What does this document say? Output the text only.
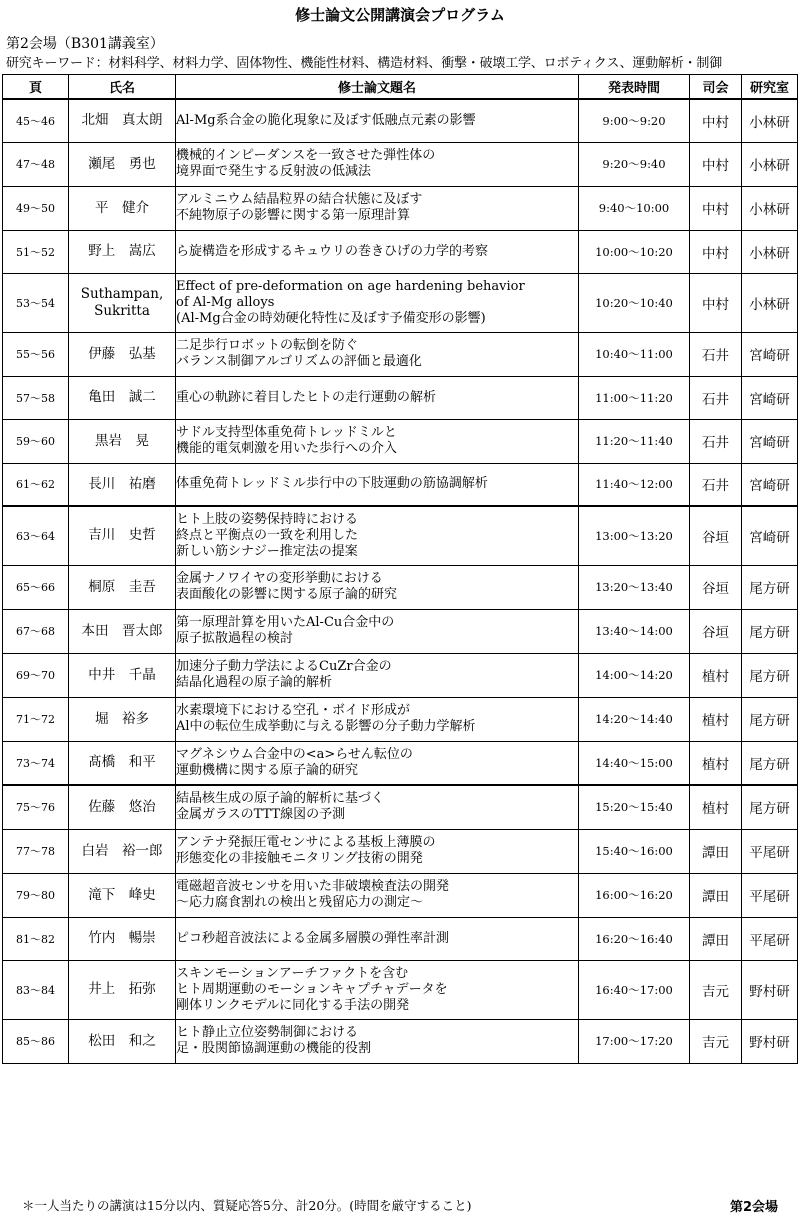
修士論文公開講演会プログラム
第2会場（B301講義室）
研究キーワード：材料科学、材料力学、固体物性、機能性材料、構造材料、衝撃・破壊工学、ロボティクス、運動解析・制御
頁	氏名	修士論文題名	発表時間	司会	研究室
45～46	北畑　真太朗	Al-Mg系合金の脆化現象に及ぼす低融点元素の影響	9:00～9:20	中村	小林研
47～48	瀬尾　勇也	機械的インピーダンスを一致させた弾性体の
境界面で発生する反射波の低減法	9:20～9:40	中村	小林研
49～50	平　健介	アルミニウム結晶粒界の結合状態に及ぼす
不純物原子の影響に関する第一原理計算	9:40～10:00	中村	小林研
51～52	野上　嵩広	ら旋構造を形成するキュウリの巻きひげの力学的考察	10:00～10:20	中村	小林研
53～54	Suthampan,
Sukritta	Effect of pre-deformation on age hardening behavior
of Al-Mg alloys
(Al-Mg合金の時効硬化特性に及ぼす予備変形の影響)	10:20～10:40	中村	小林研
55～56	伊藤　弘基	二足歩行ロボットの転倒を防ぐ
バランス制御アルゴリズムの評価と最適化	10:40～11:00	石井	宮崎研
57～58	亀田　誠二	重心の軌跡に着目したヒトの走行運動の解析	11:00～11:20	石井	宮崎研
59～60	黒岩　晃	サドル支持型体重免荷トレッドミルと
機能的電気刺激を用いた歩行への介入	11:20～11:40	石井	宮崎研
61～62	長川　祐磨	体重免荷トレッドミル歩行中の下肢運動の筋協調解析	11:40～12:00	石井	宮崎研
63～64	吉川　史哲	ヒト上肢の姿勢保持時における
終点と平衡点の一致を利用した
新しい筋シナジー推定法の提案	13:00～13:20	谷垣	宮崎研
65～66	桐原　圭吾	金属ナノワイヤの変形挙動における
表面酸化の影響に関する原子論的研究	13:20～13:40	谷垣	尾方研
67～68	本田　晋太郎	第一原理計算を用いたAl-Cu合金中の
原子拡散過程の検討	13:40～14:00	谷垣	尾方研
69～70	中井　千晶	加速分子動力学法によるCuZr合金の
結晶化過程の原子論的解析	14:00～14:20	植村	尾方研
71～72	堀　裕多	水素環境下における空孔・ボイド形成が
Al中の転位生成挙動に与える影響の分子動力学解析	14:20～14:40	植村	尾方研
73～74	髙橋　和平	マグネシウム合金中の<a>らせん転位の
運動機構に関する原子論的研究	14:40～15:00	植村	尾方研
75～76	佐藤　悠治	結晶核生成の原子論的解析に基づく
金属ガラスのTTT線図の予測	15:20～15:40	植村	尾方研
77～78	白岩　裕一郎	アンテナ発振圧電センサによる基板上薄膜の
形態変化の非接触モニタリング技術の開発	15:40～16:00	譚田	平尾研
79～80	滝下　峰史	電磁超音波センサを用いた非破壊検査法の開発
～応力腐食割れの検出と残留応力の測定～	16:00～16:20	譚田	平尾研
81～82	竹内　暢崇	ピコ秒超音波法による金属多層膜の弾性率計測	16:20～16:40	譚田	平尾研
83～84	井上　拓弥	スキンモーションアーチファクトを含む
ヒト周期運動のモーションキャプチャデータを
剛体リンクモデルに同化する手法の開発	16:40～17:00	吉元	野村研
85～86	松田　和之	ヒト静止立位姿勢制御における
足・股関節協調運動の機能的役割	17:00～17:20	吉元	野村研
＊一人当たりの講演は15分以内、質疑応答5分、計20分。(時間を厳守すること)	第2会場
